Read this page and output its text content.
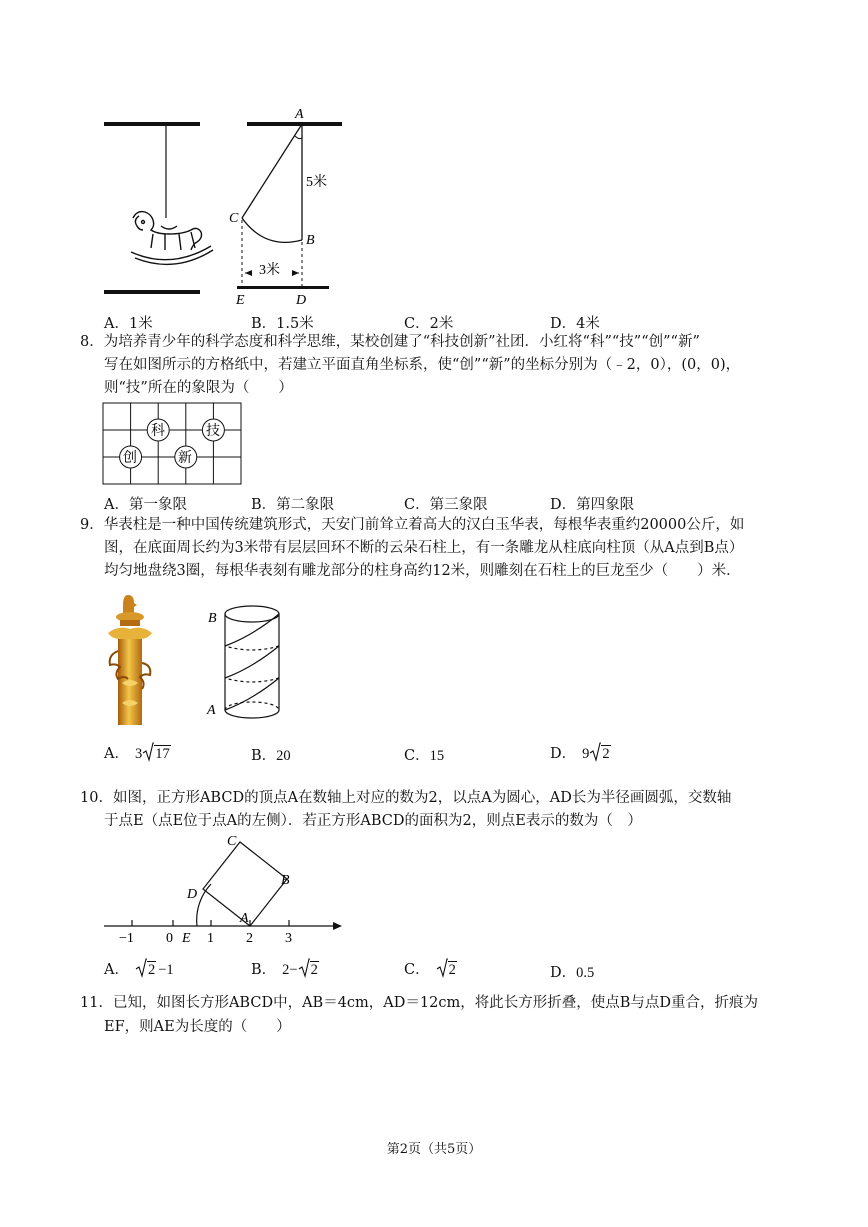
A
5米
C
B
3米
E	D
A．1米	B．1.5米	C．2米	D．4米
8．为培养青少年的科学态度和科学思维，某校创建了“科技创新”社团．小红将“科”“技”“创”“新”
写在如图所示的方格纸中，若建立平面直角坐标系，使“创”“新”的坐标分别为（﹣2，0），(0，0)，
则“技”所在的象限为（　　）
科	技
创	新
A．第一象限	B．第二象限	C．第三象限	D．第四象限
9．华表柱是一种中国传统建筑形式，天安门前耸立着高大的汉白玉华表，每根华表重约20000公斤，如
图，在底面周长约为3米带有层层回环不断的云朵石柱上，有一条雕龙从柱底向柱顶（从A点到B点）
均匀地盘绕3圈，每根华表刻有雕龙部分的柱身高约12米，则雕刻在石柱上的巨龙至少（　　）米．
B
A
A． 3 17	B．20	C．15	D． 9 2
10．如图，正方形ABCD的顶点A在数轴上对应的数为2，以点A为圆心，AD长为半径画圆弧，交数轴
于点E（点E位于点A的左侧）．若正方形ABCD的面积为2，则点E表示的数为（　）
C
B
D
A
−1 0 E 1 2 3
A． 2 −1	B． 2− 2	C． 2	D．0.5
11．已知，如图长方形ABCD中，AB＝4cm，AD＝12cm，将此长方形折叠，使点B与点D重合，折痕为
EF，则AE为长度的（　　）
第2页（共5页）
